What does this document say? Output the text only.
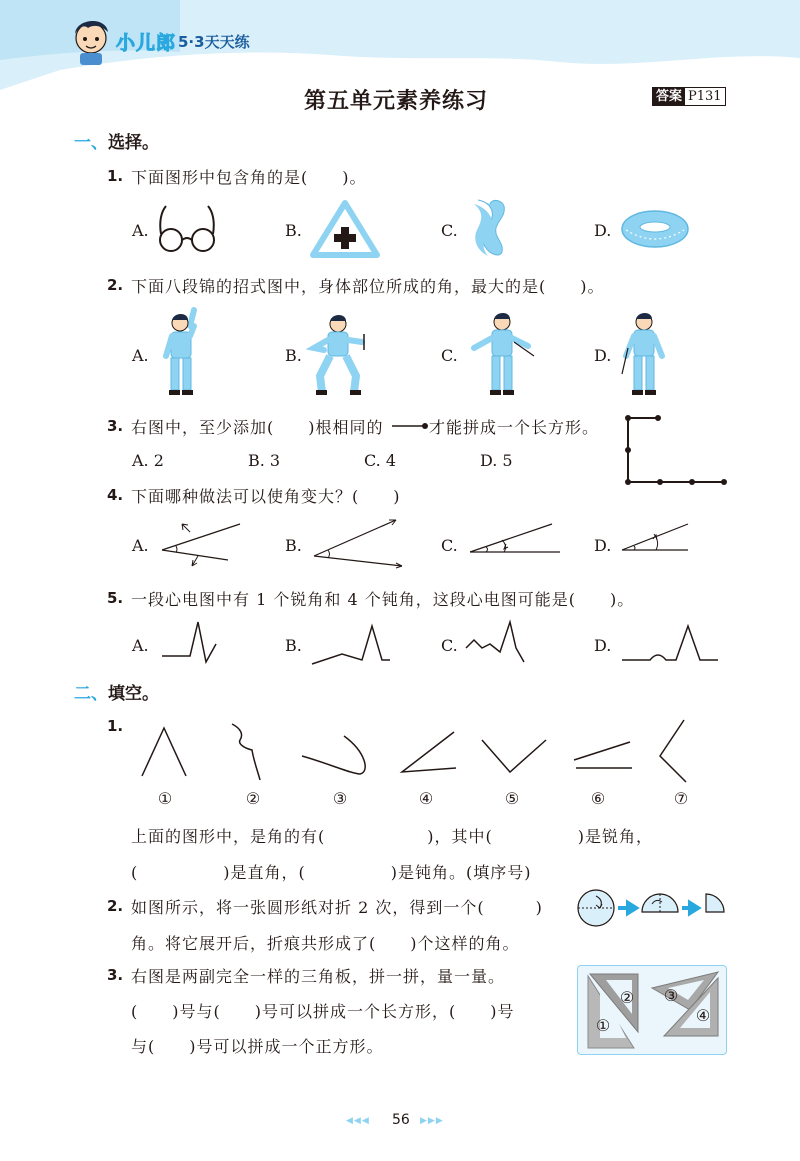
小儿郎 5·3天天练
第五单元素养练习	答案 P131
一、选择。
1. 下面图形中包含角的是(　　)。
A.	B.	C.	D.
2. 下面八段锦的招式图中，身体部位所成的角，最大的是(　　)。
A.	B.	C.	D.
3. 右图中，至少添加(　　)根相同的	才能拼成一个长方形。
A. 2	B. 3	C. 4	D. 5
4. 下面哪种做法可以使角变大？(　　)
A.	B.	C.	D.
5. 一段心电图中有 1 个锐角和 4 个钝角，这段心电图可能是(　　)。
A.	B.	C.	D.
二、填空。
1.
①	②	③	④	⑤	⑥	⑦
上面的图形中，是角的有(　　　　　　)，其中(　　　　　)是锐角，
(　　　　　)是直角，(　　　　　)是钝角。(填序号)
2. 如图所示，将一张圆形纸对折 2 次，得到一个(　　　)
角。将它展开后，折痕共形成了(　　)个这样的角。
3. 右图是两副完全一样的三角板，拼一拼，量一量。
(　　)号与(　　)号可以拼成一个长方形，(　　)号
与(　　)号可以拼成一个正方形。
①
②	③
④
◀◀◀ 56 ▶▶▶
